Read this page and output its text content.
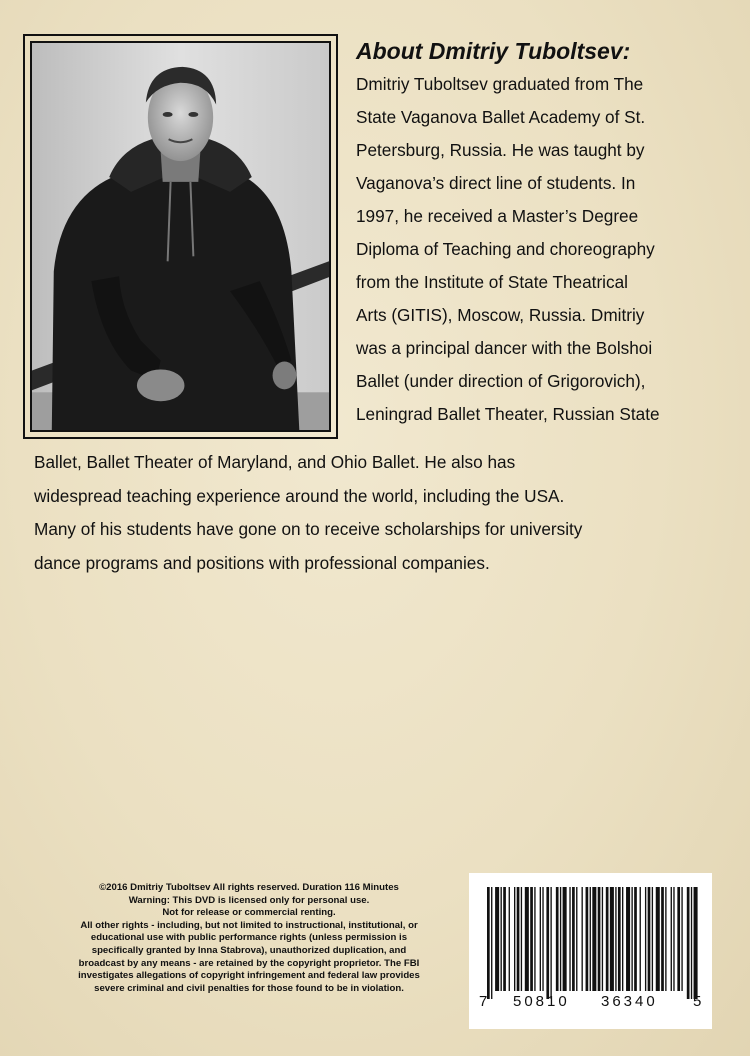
About Dmitriy Tuboltsev:
Dmitriy Tuboltsev graduated from The
State Vaganova Ballet Academy of St.
Petersburg, Russia. He was taught by
Vaganova’s direct line of students. In
1997, he received a Master’s Degree
Diploma of Teaching and choreography
from the Institute of State Theatrical
Arts (GITIS), Moscow, Russia. Dmitriy
was a principal dancer with the Bolshoi
Ballet (under direction of Grigorovich),
Leningrad Ballet Theater, Russian State
Ballet, Ballet Theater of Maryland, and Ohio Ballet. He also has
widespread teaching experience around the world, including the USA.
Many of his students have gone on to receive scholarships for university
dance programs and positions with professional companies.
©2016 Dmitriy Tuboltsev All rights reserved. Duration 116 Minutes
Warning: This DVD is licensed only for personal use.
Not for release or commercial renting.
All other rights - including, but not limited to instructional, institutional, or
educational use with public performance rights (unless permission is
specifically granted by Inna Stabrova), unauthorized duplication, and
broadcast by any means - are retained by the copyright proprietor. The FBI
investigates allegations of copyright infringement and federal law provides
severe criminal and civil penalties for those found to be in violation.
7 50810 36340 5
